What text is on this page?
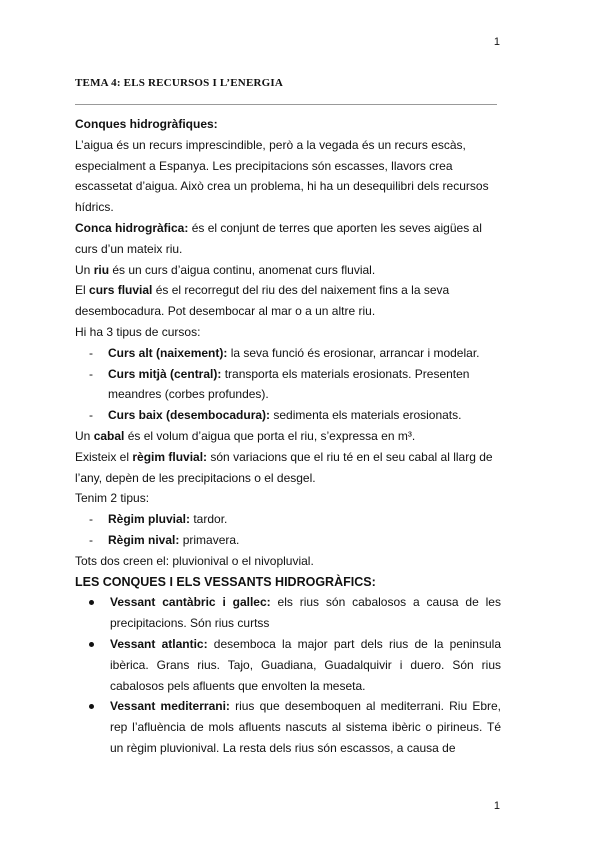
1
TEMA 4: ELS RECURSOS I L’ENERGIA

Conques hidrogràfiques:

L’aigua és un recurs imprescindible, però a la vegada és un recurs escàs, especialment a Espanya. Les precipitacions són escasses, llavors crea escassetat d’aigua. Això crea un problema, hi ha un desequilibri dels recursos hídrics.

Conca hidrogràfica: és el conjunt de terres que aporten les seves aigües al curs d’un mateix riu.

Un riu és un curs d’aigua continu, anomenat curs fluvial.

El curs fluvial és el recorregut del riu des del naixement fins a la seva desembocadura. Pot desembocar al mar o a un altre riu.

Hi ha 3 tipus de cursos:

- Curs alt (naixement): la seva funció és erosionar, arrancar i modelar.
- Curs mitjà (central): transporta els materials erosionats. Presenten meandres (corbes profundes).
- Curs baix (desembocadura): sedimenta els materials erosionats.

Un cabal és el volum d’aigua que porta el riu, s’expressa en m³.

Existeix el règim fluvial: són variacions que el riu té en el seu cabal al llarg de l’any, depèn de les precipitacions o el desgel.

Tenim 2 tipus:

- Règim pluvial: tardor.
- Règim nival: primavera.

Tots dos creen el: pluvionival o el nivopluvial.

LES CONQUES I ELS VESSANTS HIDROGRÀFICS:

Vessant cantàbric i gallec: els rius són cabalosos a causa de les precipitacions. Són rius curtss
Vessant atlantic: desemboca la major part dels rius de la peninsula ibèrica. Grans rius. Tajo, Guadiana, Guadalquivir i duero. Són rius cabalosos pels afluents que envolten la meseta.
Vessant mediterrani: rius que desemboquen al mediterrani. Riu Ebre, rep l’afluència de mols afluents nascuts al sistema ibèric o pirineus. Té un règim pluvionival. La resta dels rius són escassos, a causa de
1
